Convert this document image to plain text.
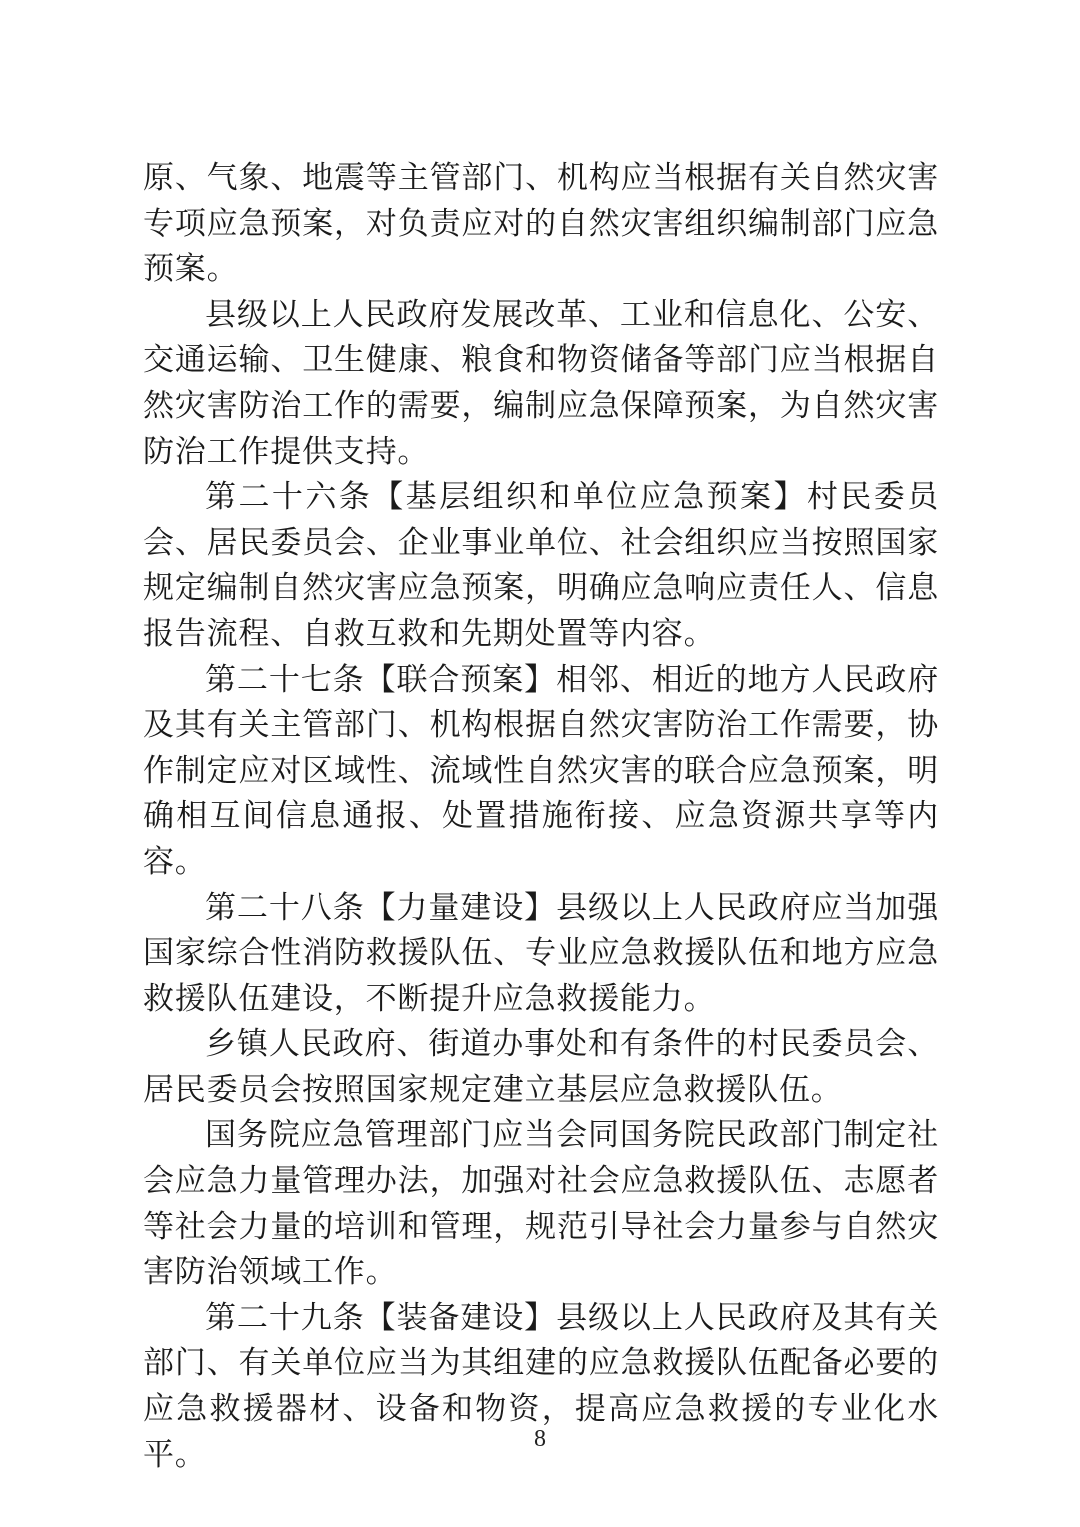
原、气象、地震等主管部门、机构应当根据有关自然灾害专项应急预案，对负责应对的自然灾害组织编制部门应急预案。

县级以上人民政府发展改革、工业和信息化、公安、交通运输、卫生健康、粮食和物资储备等部门应当根据自然灾害防治工作的需要，编制应急保障预案，为自然灾害防治工作提供支持。

第二十六条【基层组织和单位应急预案】村民委员会、居民委员会、企业事业单位、社会组织应当按照国家规定编制自然灾害应急预案，明确应急响应责任人、信息报告流程、自救互救和先期处置等内容。

第二十七条【联合预案】相邻、相近的地方人民政府及其有关主管部门、机构根据自然灾害防治工作需要，协作制定应对区域性、流域性自然灾害的联合应急预案，明确相互间信息通报、处置措施衔接、应急资源共享等内容。

第二十八条【力量建设】县级以上人民政府应当加强国家综合性消防救援队伍、专业应急救援队伍和地方应急救援队伍建设，不断提升应急救援能力。

乡镇人民政府、街道办事处和有条件的村民委员会、居民委员会按照国家规定建立基层应急救援队伍。

国务院应急管理部门应当会同国务院民政部门制定社会应急力量管理办法，加强对社会应急救援队伍、志愿者等社会力量的培训和管理，规范引导社会力量参与自然灾害防治领域工作。

第二十九条【装备建设】县级以上人民政府及其有关部门、有关单位应当为其组建的应急救援队伍配备必要的应急救援器材、设备和物资，提高应急救援的专业化水平。	8
